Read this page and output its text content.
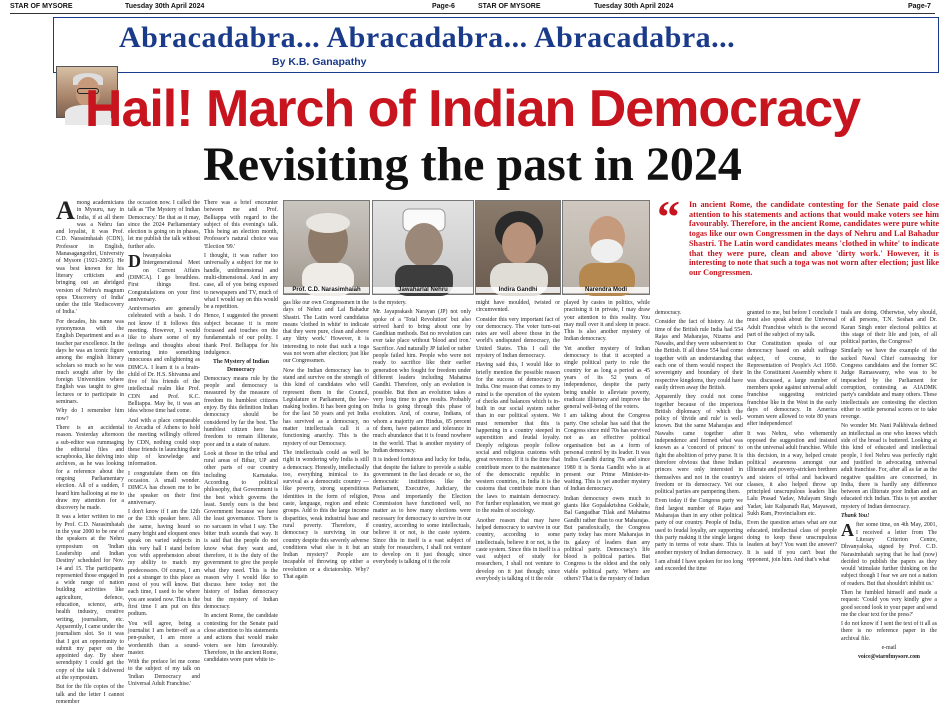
STAR OF MYSORE	Tuesday 30th April 2024	Page-6	STAR OF MYSORE	Tuesday 30th April 2024	Page-7
Abracadabra... Abracadabra... Abracadabra...
By K.B. Ganapathy
Hail! March of Indian Democracy
Revisiting the past in 2024

Among academicians in Mysuru, nay in India, if at all there was a Nehru fan and loyalist, it was Prof. C.D. Narasimhaiah (CDN), Professor in English, Manasagangothri, University of Mysore (1921-2005). He was best known for his literary criticism and bringing out an abridged version of Nehru's magnum opus 'Discovery of India' under the title 'Rediscovery of India.'

For decades, his name was synonymous with the English Department and as a teacher par excellence. In the days he was an iconic figure among the english literary scholars so much so he was much sought after by the foreign Universities where English was taught to give lectures or to participate in seminars.

Why do I remember him now?

There is an accidental reason. Yesterday afternoon a sub-editor was rummaging the editorial files and scrapbooks, like delving into archives, as he was looking for a reference about the ongoing Parliamentary election. All of a sudden, I heard him hallooing at me to draw my attention for a discovery he made.

It was a letter written to me by Prof. C.D. Narasimhaiah in the year 2000 to be one of the speakers at the Nehru symposium on 'Indian Leadership and Indian Destiny' scheduled for Nov. 14 and 15. The participants represented those engaged in a wide range of nation building activities like agriculture, defence, education, science, arts, health industry, creative writing, journalism, etc. Apparently, I came under the journalism slot. So it was that I got an opportunity to submit my paper on the appointed day. By sheer serendipity I could get the copy of the talk I delivered at the symposium.

But for the file copies of the talk and the letter I cannot remember

the occasion now. I called the talk as 'The Mystery of Indian Democracy.' Be that as it may, since the 2024 Parliamentary election is going on in phases, let me publish the talk without further ado.

Dhwanyaloka Intergenerational Meet on Current Affairs (DIMCA). I go breathless. First things first. Congratulations on your first anniversary.

Anniversaries are generally celebrated with a bash. I do not know if it follows this meeting. However, I would like to share some of my feelings and thoughts about venturing into something innocuous and enlightening as DIMCA. I learn it is a brain-child of Dr. H.S. Shivanna and five of his friends of the intellectual realm like Prof. CDN and Prof. K.C. Belliappa. May be, it was an idea whose time had come.

And with a place comparable to Arcadia of Athens to hold the meeting willingly offered by CDN, nothing could stop these friends in launching their ship of knowledge and information.

I congratulate them on this occasion. A small wonder. DIMCA has chosen me to be the speaker on their first anniversary.

I don't know if I am the 12th or the 13th speaker here. All the same, having heard so many bright and eloquent ones speak on varied subjects in this very hall I stand before you with apprehension about my ability to match my predecessors. Of course, I am not a stranger to this place as most of you will know. But each time, I used to be where you are seated now. This is the first time I am put on this podium.

You will agree, being a journalist I am better-off as a pen-pusher, I am more a wordsmith than a sound-master.

With the preface let me come to the subject of my talk on 'Indian Democracy and Universal Adult Franchise.'

There was a brief encounter between me and Prof. Belliappa with regard to the subject of this evening's talk. This being an election month, Professor's natural choice was 'Election '99.'

I thought, it was rather too universally a subject for me to handle, unidimensional and multi-dimensional. And in any case, all of you being exposed to newspapers and TV, much of what I would say on this would be a repetition.

Hence, I suggested the present subject because it is more focussed and touches on the fundamentals of our polity. I thank Prof. Belliappa for his indulgence.

The Mystery of Indian Democracy

Democracy means rule by the people and democracy is measured by the measure of freedom its humblest citizens enjoy. By this definition Indian democracy should be considered by far the best. The humblest citizen here has freedom to remain illiterate, poor and in a state of nature.

Look at those in the tribal and rural areas of Bihar, UP and other parts of our country including Karnataka. According to political philosophy, that Government is the best which governs the least. Surely ours is the best Government because we have the least governance. There is no sarcasm in what I say. The bitter truth sounds that way. It is said that the people do not know what they want and, therefore, it is the duty of the government to give the people what they need. This is the reason why I would like to discuss here today not the history of Indian democracy but the mystery of Indian democracy.

In ancient Rome, the candidate contesting for the Senate paid close attention to his statements and actions that would make voters see him favourably. Therefore, in the ancient Rome, candidates wore pure white to-

Prof. C.D. Narasimhaiah	Jawaharlal Nehru	Indira Gandhi	Narendra Modi

gas like our own Congressmen in the days of Nehru and Lal Bahadur Shastri. The Latin word candidatus means 'clothed in white' to indicate that they were pure, clean and above any 'dirty work.' However, it is interesting to note that such a toga was not worn after election; just like our Congressmen.

Now the Indian democracy has to stand and survive on the strength of this kind of candidates who will represent them in the Council, Legislature or Parliament, the law-making bodies. It has been going on for the last 50 years and yet India has survived as a democracy, no matter intellectuals call it a functioning anarchy. This is the mystery of our Democracy.

The intellectuals could as well be right in wondering why India is still a democracy. Honestly, intellectually too, everything inimical to its survival as a democratic country — like poverty, strong superstitious identities in the form of religion, caste, language, region and ethnic groups. Add to this the large income disparities, weak industrial base and rural poverty. Therefore, if democracy is surviving in our country despite this severely adverse conditions what else is it but an Indian mystery? People are incapable of throwing up either a revolution or a dictatorship. Why? That again

is the mystery.

Mr. Jayaprakash Narayan (JP) not only spoke of a 'Total Revolution' but also strived hard to bring about one by Gandhian methods. But no revolution can ever take place without 'blood and iron.' Sacrifice. And naturally JP failed or rather people failed him. People who were not ready to sacrifice like their earlier generation who fought for freedom under different leaders including Mahatma Gandhi. Therefore, only an evolution is possible. But then an evolution takes a very long time to give results. Probably India is going through this phase of evolution. And, of course, Indians, of whom a majority are Hindus, 85 percent of them, have patience and tolerance in much abundance that it is found nowhere in the world. That is another mystery of Indian democracy.

It is indeed fortuitous and lucky for India, that despite the failure to provide a stable government in the last decade or so, the democratic institutions like the Parliament, Executive, Judiciary, the Press and importantly the Election Commission have functioned well, no matter as to how many elections were necessary for democracy to survive in our country, according to some intellectuals, believe it or not, is the caste system. Since this in itself is a vast subject of study for researchers, I shall not venture to develop on it just though; since everybody is talking of it the role

might have moulded, twisted or circumvented.

Consider this very important fact of our democracy. The voter turn-out rates are well above those in the world's undisputed democracy, the United States. This I call the mystery of Indian democracy.

Having said this, I would like to briefly mention the possible reason for the success of democracy in India. One reason that comes to my mind is the operation of the system of checks and balances which is in-built in our social system rather than in our political system. We must remember that this is happening in a country steeped in superstition and feudal loyalty. Deeply religious people follow social and religious customs with great reverence. If it is the time that contribute more to the maintenance of the democratic republic in western countries, in India it is the customs that contribute more than the laws to maintain democracy. For further explanation, we must go to the realm of sociology.

Another reason that may have helped democracy to survive in our country, according to some intellectuals, believe it or not, is the caste system. Since this in itself is a vast subject of study for researchers, I shall not venture to develop on it just though; since everybody is talking of it the role

played by castes in politics, while practising it in private, I may draw your attention to this reality. You may mull over it and sleep in peace. This is also another mystery of Indian democracy.

Yet another mystery of Indian democracy is that it accepted a single political party to rule the country for as long a period as 45 years of its 52 years of independence, despite the party being unable to alleviate poverty, eradicate illiteracy and improve the general well-being of the voters.

I am talking about the Congress party. One scholar has said that the Congress since mid 70s has survived not as an effective political organisation but as a form of personal control by its leader. It was Indira Gandhi during 70s and since 1980 it is Sonia Gandhi who is at present our Prime Minister-in-waiting. This is yet another mystery of Indian democracy.

Indian democracy owes much to giants like Gopalakrishna Gokhale, Bal Gangadhar Tilak and Mahatma Gandhi rather than to our Maharajas. But paradoxically, the Congress party today has more Maharajas in its galaxy of leaders than any political party. Democracy's life blood is political parties. But Congress is the oldest and the only viable political party. Where are others? That is the mystery of Indian

“ In ancient Rome, the candidate contesting for the Senate paid close attention to his statements and actions that would make voters see him favourably. Therefore, in the ancient Rome, candidates were pure white togas like our own Congressmen in the days of Nehru and Lal Bahadur Shastri. The Latin word candidates means 'clothed in white' to indicate that they were pure, clean and above 'dirty work.' However, it is interesting to note that such a toga was not worn after election; just like our Congressmen.

democracy.

Consider the fact of history. At the time of the British rule India had 554 Rajas and Maharajas, Nizams and Nawabs, and they were subservient to the British. If all these 554 had come together with an understanding that each one of them would respect the sovereignty and boundary of their respective kingdoms, they could have easily driven away the British.

Apparently they could not come together because of the imperious British diplomacy of which the policy of 'divide and rule' is well-known. But the same Maharajas and Nawabs came together after independence and formed what was known as a 'concord of princes' to fight the abolition of privy purse. It is therefore obvious that these Indian princes were only interested in themselves and not in the country's freedom or its democracy. Yet our political parties are pampering them.

Even today if the Congress party we find largest number of Rajas and Maharajas than in any other political party of our country. People of India, used to feudal loyalty, are supporting this party making it the single largest party in terms of vote share. This is another mystery of Indian democracy.

I am afraid I have spoken for too long and exceeded the time

granted to me, but before I conclude I must also speak about the Universal Adult Franchise which is the second part of the subject of my talk.

Our Constitution speaks of our democracy based on adult suffrage subject, of course, to the Representation of People's Act 1950. In the Constituent Assembly where it was discussed, a large number of members spoke against universal adult franchise suggesting restricted franchise like in the West in the early days of democracy. In America women were allowed to vote 80 years after independence!

It was Nehru, who vehemently opposed the suggestion and insisted on the universal adult franchise. While this decision, in a way, helped create political awareness amongst our illiterate and poverty-stricken brethren and sisters of tribal and backward classes, it also helped throw up principled unscrupulous leaders like Lalu Prasad Yadav, Mulayam Singh Yadav, late Kalpanath Rai, Mayawati, Sukh Ram, Provincialism etc.

Even the question arises what are our educated, intellectual class of people doing to keep these unscrupulous leaders at bay? You want the answer? It is said if you can't beat the opponent, join him. And that's what

tuals are doing. Otherwise, why should, of all persons, T.N. Seshan and Dr. Karan Singh enter electoral politics at this stage of their life and join, of all political parties, the Congress?

Similarly we have the example of the sacked Naval Chief canvassing for Congress candidates and the former SC Judge Ramaswamy, who was to be impeached by the Parliament for corruption, contesting as AIADMK party's candidate and many others. These intellectuals are contesting the election either to settle personal scores or to take revenge.

No wonder Mr. Nani Palkhivala defined an intellectual as one who knows which side of the bread is buttered. Looking at this kind of educated and intellectual people, I feel Nehru was perfectly right and justified in advocating universal adult franchise. For, after all as far as the negative qualities are concerned, in India, there is hardly any difference between an illiterate poor Indian and an educated rich Indian. This is yet another mystery of Indian democracy.

Thank You!

After some time, on 4th May, 2001, I received a letter from The Literary Criterion Centre, Dhvanyaloka, signed by Prof. C.D. Narasimhaiah saying that he had (now) decided to publish the papers as they would 'stimulate further thinking on the subject though I fear we are not a nation of readers. But that shouldn't inhibit us.'

Then he fumbled himself and made a request: 'Could you very kindly give a good second look to your paper and send me the clear text for the press?'

I do not know if I sent the text of it all as there is no reference paper in the archival file.

e-mail

voice@starofmysore.com
